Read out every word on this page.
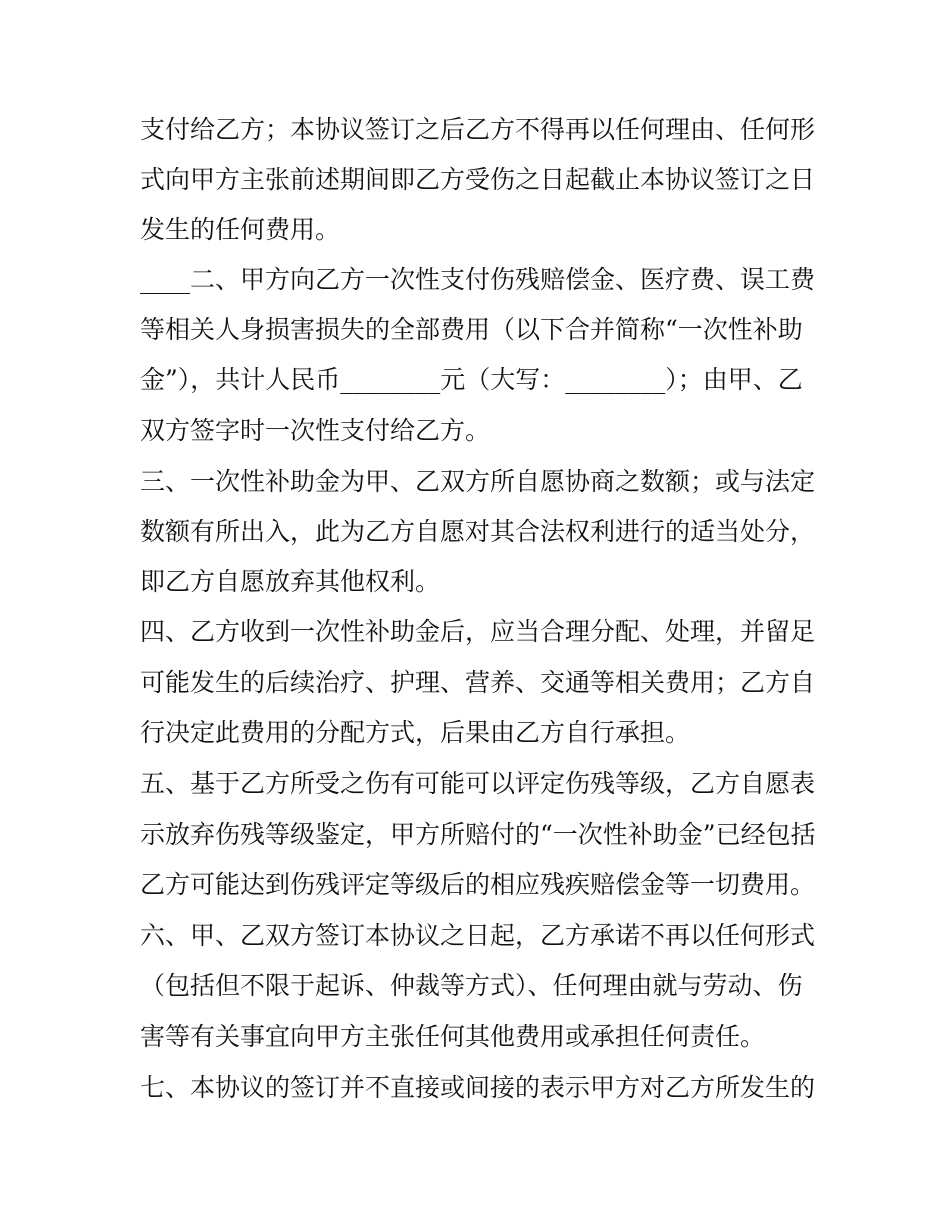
支付给乙方；本协议签订之后乙方不得再以任何理由、任何形
式向甲方主张前述期间即乙方受伤之日起截止本协议签订之日
发生的任何费用。
____二、甲方向乙方一次性支付伤残赔偿金、医疗费、误工费
等相关人身损害损失的全部费用（以下合并简称“一次性补助
金”），共计人民币________元（大写：________）；由甲、乙
双方签字时一次性支付给乙方。
三、一次性补助金为甲、乙双方所自愿协商之数额；或与法定
数额有所出入，此为乙方自愿对其合法权利进行的适当处分，
即乙方自愿放弃其他权利。
四、乙方收到一次性补助金后，应当合理分配、处理，并留足
可能发生的后续治疗、护理、营养、交通等相关费用；乙方自
行决定此费用的分配方式，后果由乙方自行承担。
五、基于乙方所受之伤有可能可以评定伤残等级，乙方自愿表
示放弃伤残等级鉴定，甲方所赔付的“一次性补助金”已经包括
乙方可能达到伤残评定等级后的相应残疾赔偿金等一切费用。
六、甲、乙双方签订本协议之日起，乙方承诺不再以任何形式
（包括但不限于起诉、仲裁等方式）、任何理由就与劳动、伤
害等有关事宜向甲方主张任何其他费用或承担任何责任。
七、本协议的签订并不直接或间接的表示甲方对乙方所发生的
